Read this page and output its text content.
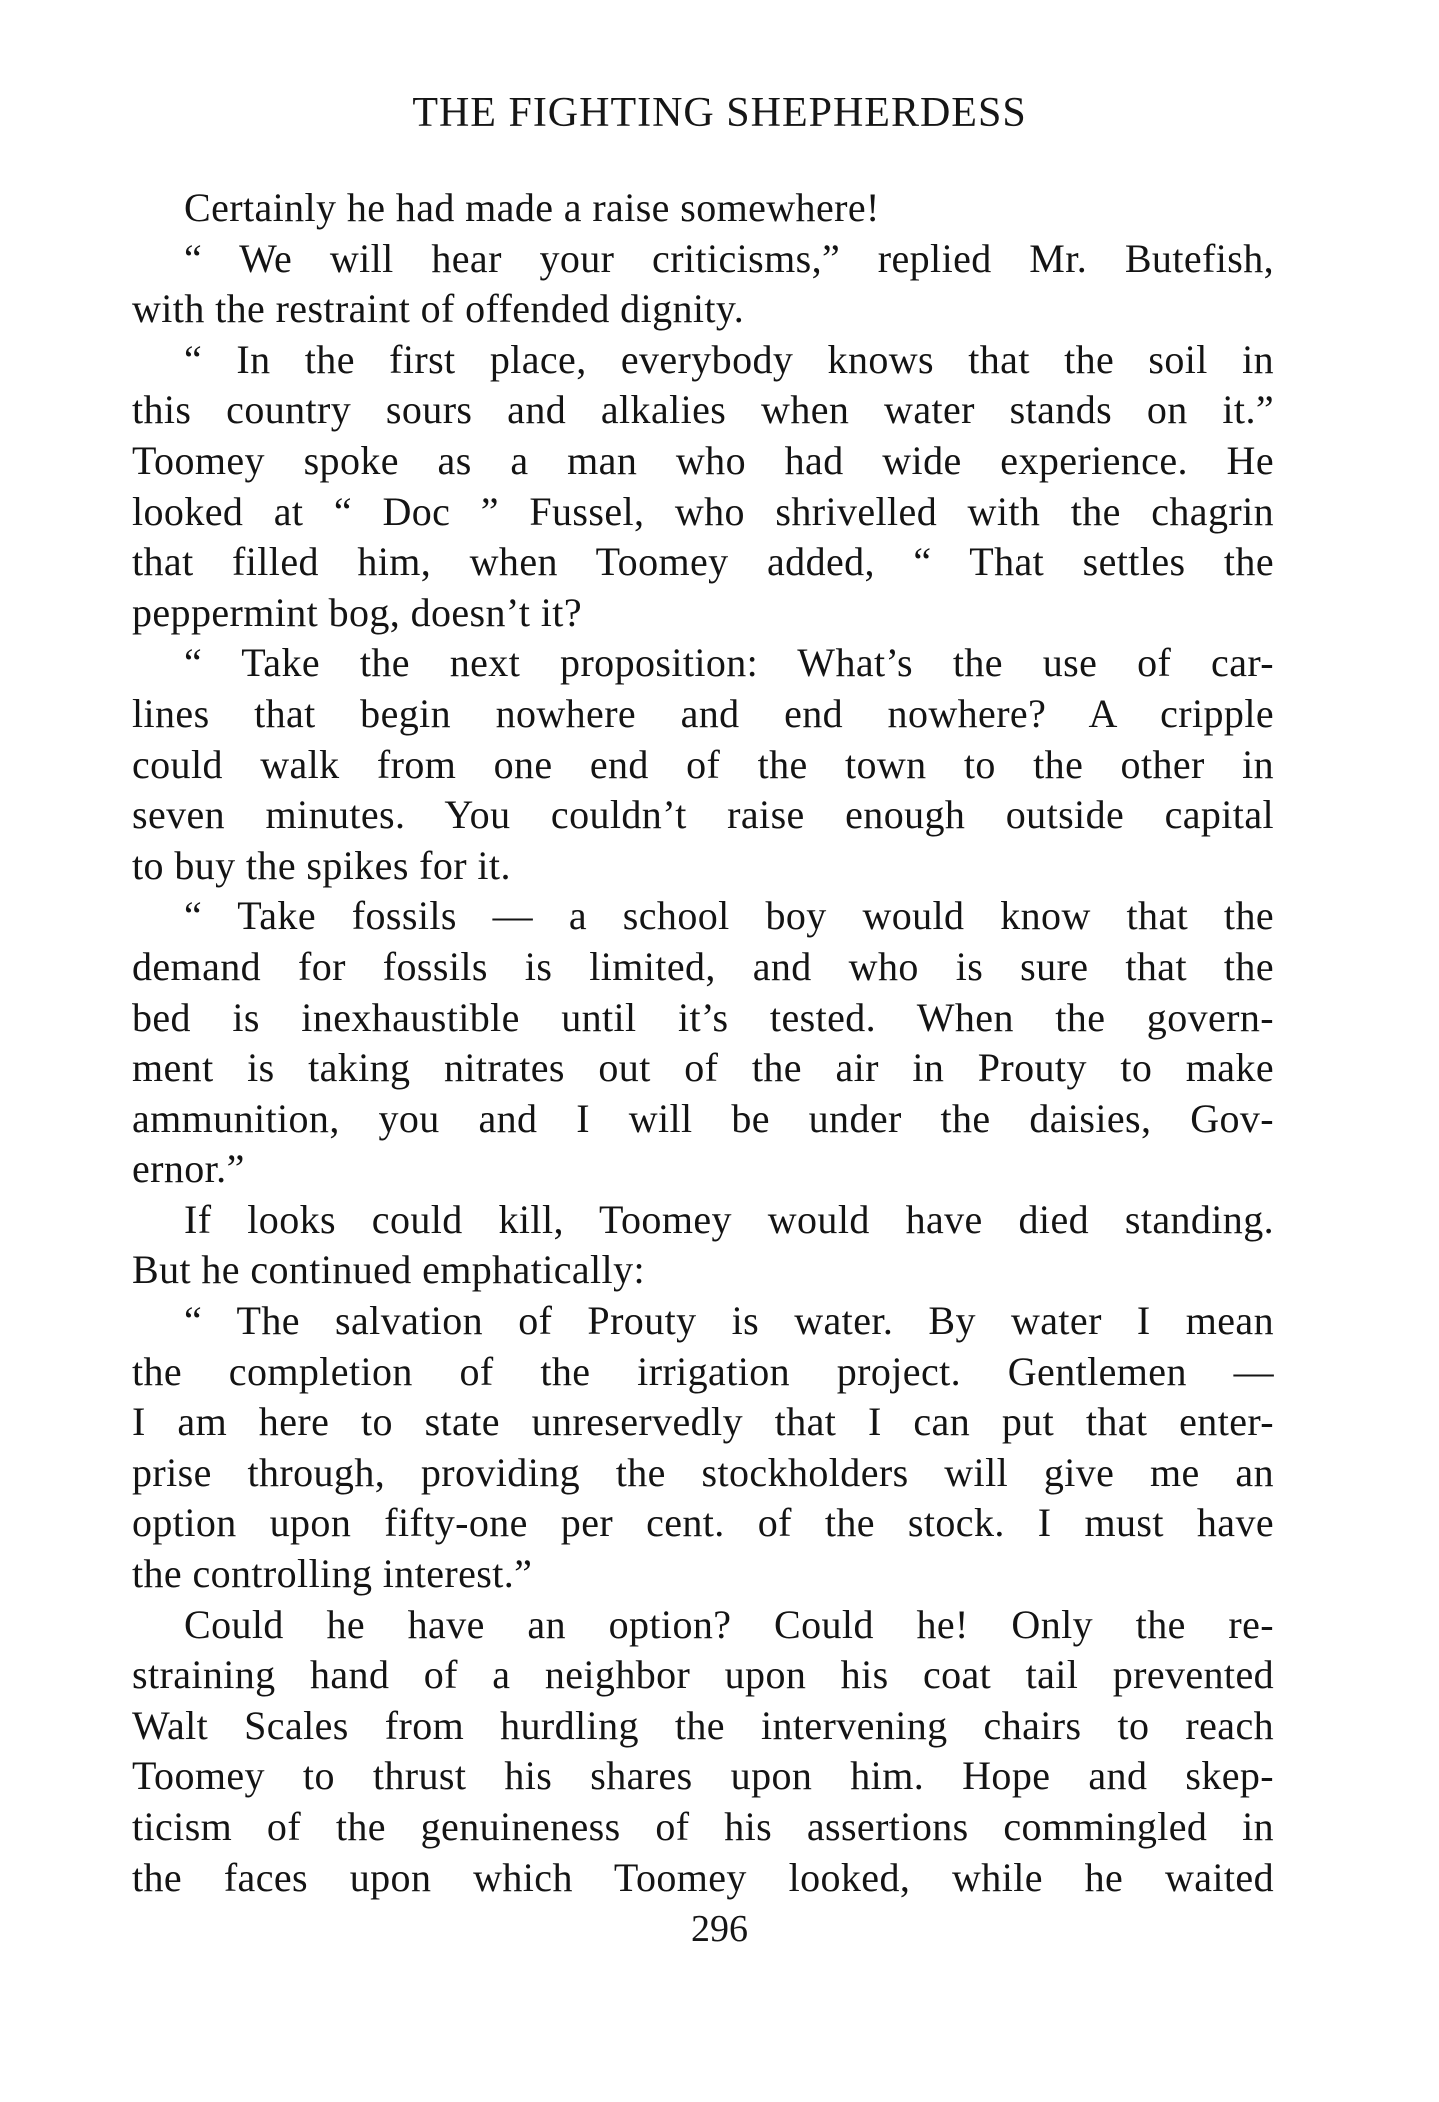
THE FIGHTING SHEPHERDESS
Certainly he had made a raise somewhere!
“ We will hear your criticisms,” replied Mr. Butefish,
with the restraint of offended dignity.
“ In the first place, everybody knows that the soil in
this country sours and alkalies when water stands on it.”
Toomey spoke as a man who had wide experience. He
looked at “ Doc ” Fussel, who shrivelled with the chagrin
that filled him, when Toomey added, “ That settles the
peppermint bog, doesn’t it?
“ Take the next proposition: What’s the use of car-
lines that begin nowhere and end nowhere? A cripple
could walk from one end of the town to the other in
seven minutes. You couldn’t raise enough outside capital
to buy the spikes for it.
“ Take fossils — a school boy would know that the
demand for fossils is limited, and who is sure that the
bed is inexhaustible until it’s tested. When the govern-
ment is taking nitrates out of the air in Prouty to make
ammunition, you and I will be under the daisies, Gov-
ernor.”
If looks could kill, Toomey would have died standing.
But he continued emphatically:
“ The salvation of Prouty is water. By water I mean
the completion of the irrigation project. Gentlemen —
I am here to state unreservedly that I can put that enter-
prise through, providing the stockholders will give me an
option upon fifty-one per cent. of the stock. I must have
the controlling interest.”
Could he have an option? Could he! Only the re-
straining hand of a neighbor upon his coat tail prevented
Walt Scales from hurdling the intervening chairs to reach
Toomey to thrust his shares upon him. Hope and skep-
ticism of the genuineness of his assertions commingled in
the faces upon which Toomey looked, while he waited
296
